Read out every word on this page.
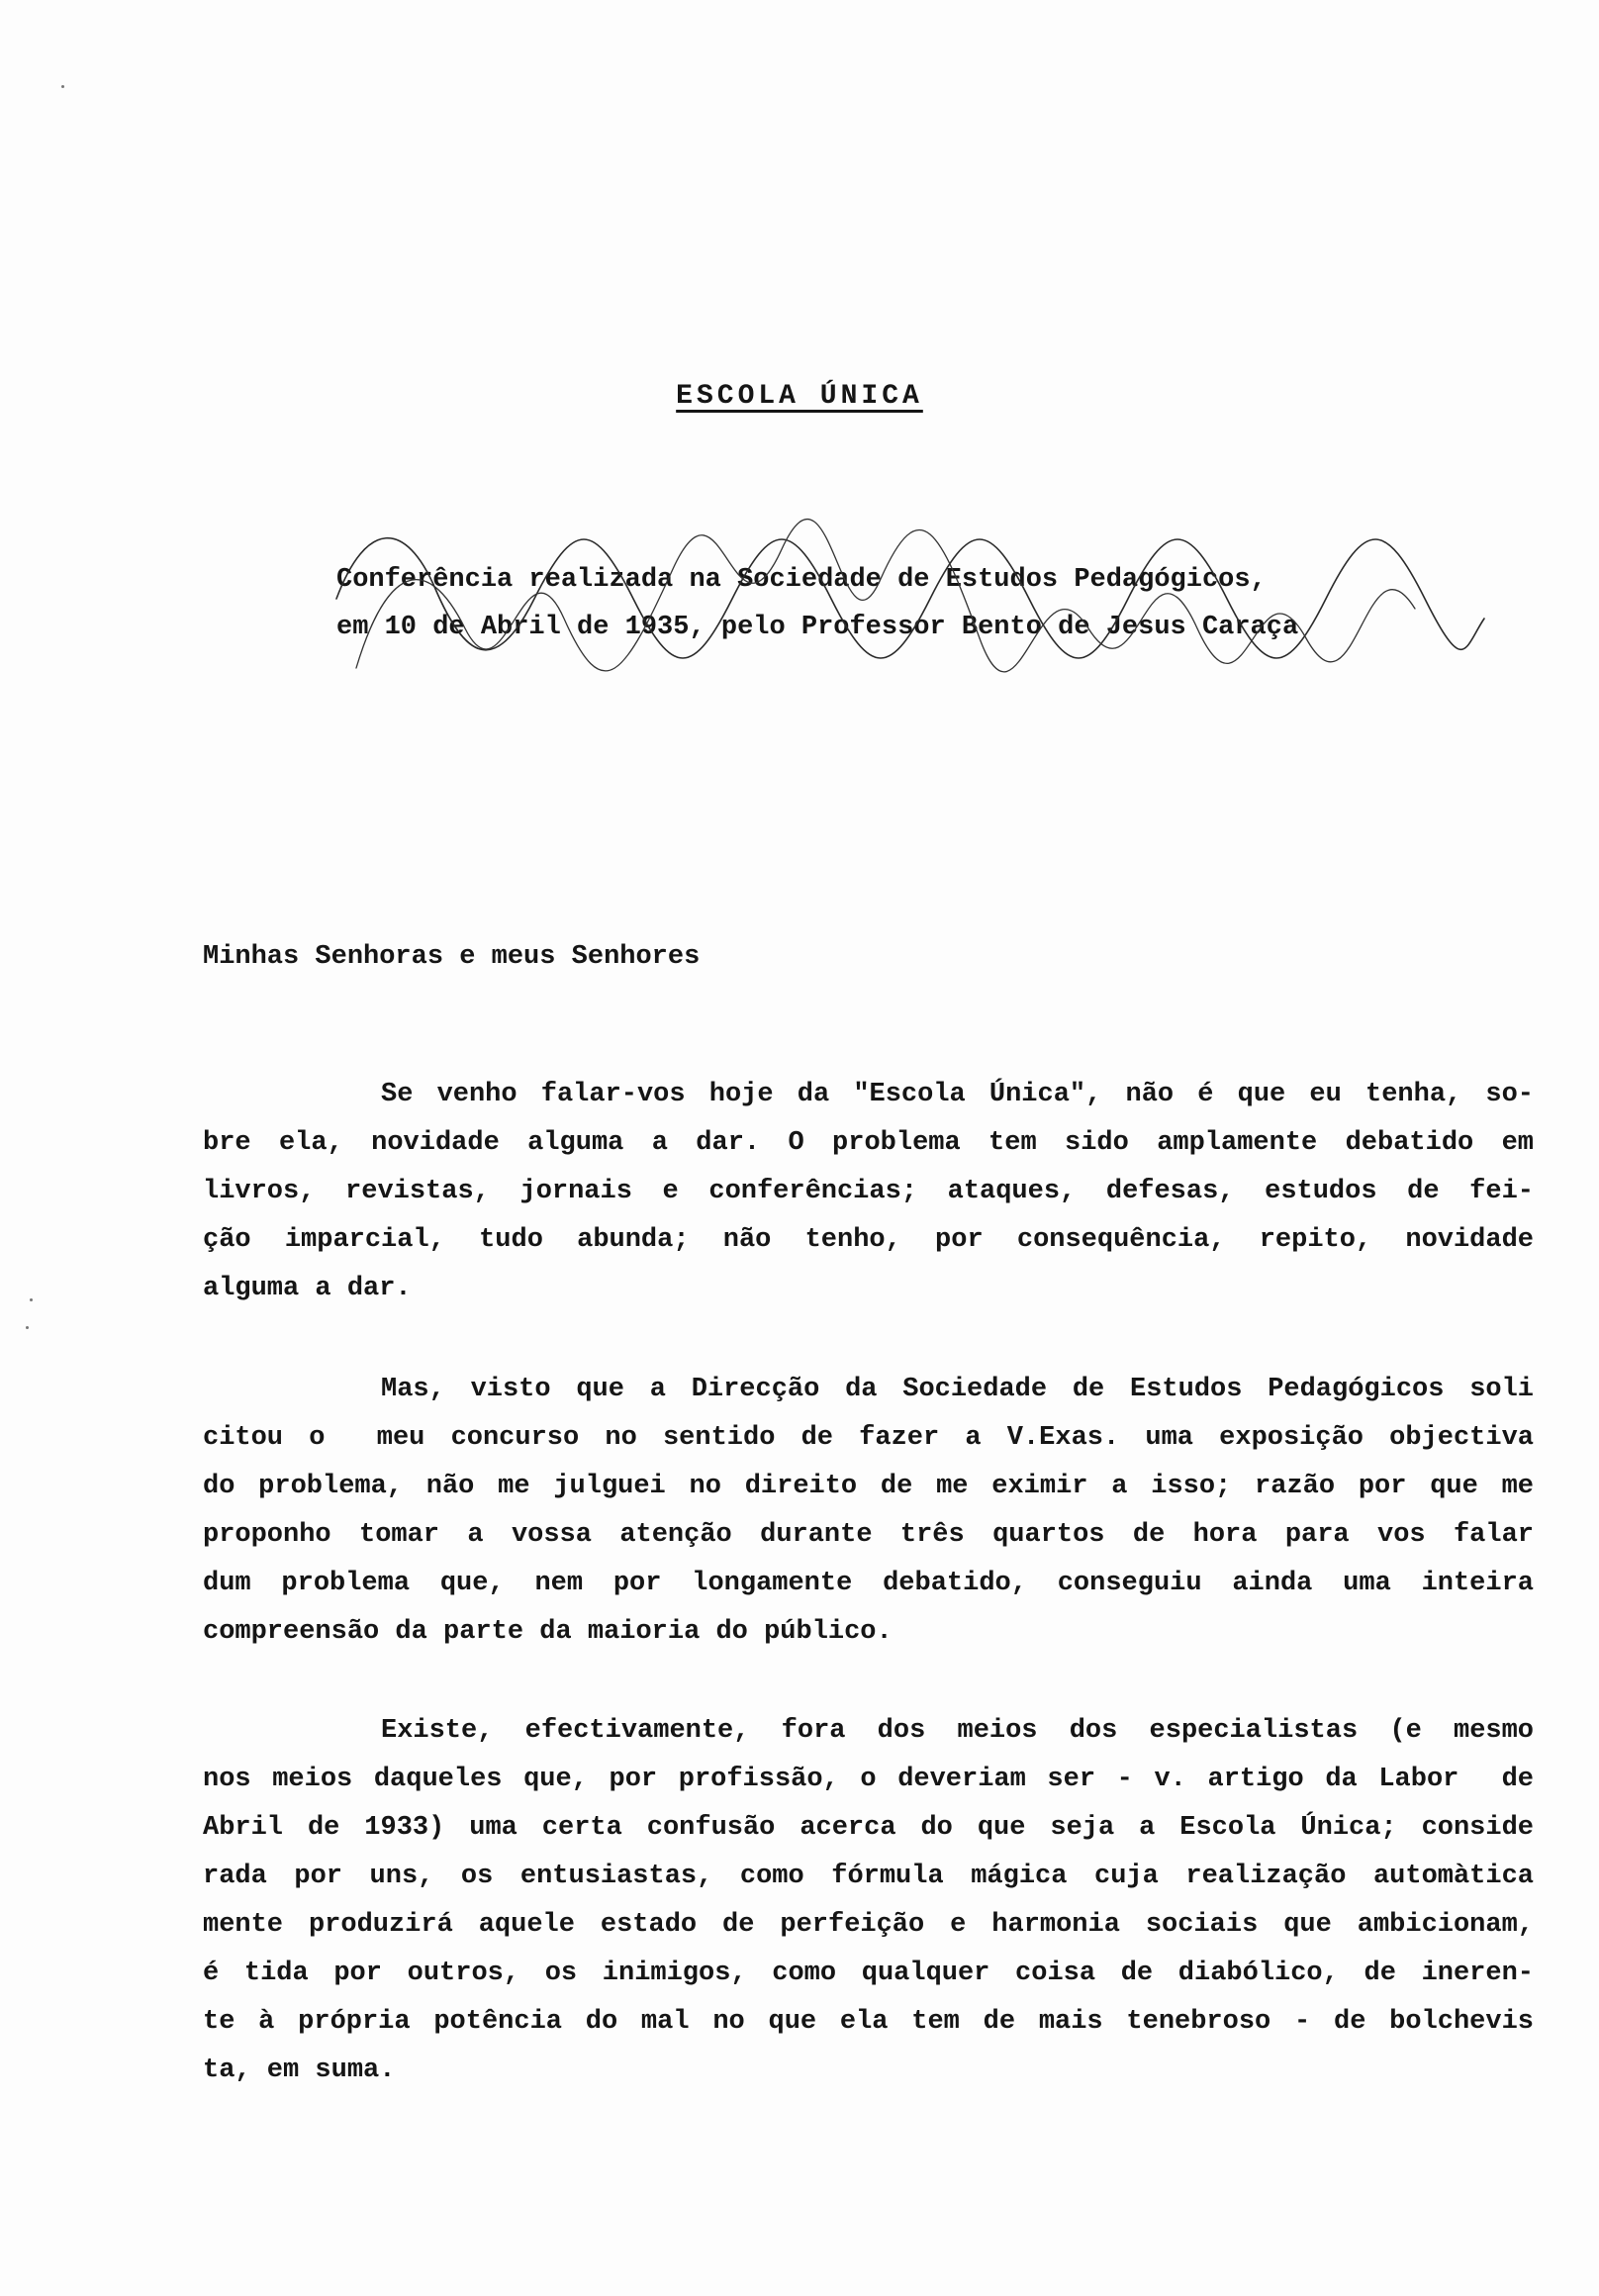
ESCOLA ÚNICA

Conferência realizada na Sociedade de Estudos Pedagógicos,
em 10 de Abril de 1935, pelo Professor Bento de Jesus Caraça

Minhas Senhoras e meus Senhores

Se venho falar-vos hoje da "Escola Única", não é que eu tenha, so-
bre ela, novidade alguma a dar. O problema tem sido amplamente debatido em
livros, revistas, jornais e conferências; ataques, defesas, estudos de fei-
ção imparcial, tudo abunda; não tenho, por consequência, repito, novidade
alguma a dar.
Mas, visto que a Direcção da Sociedade de Estudos Pedagógicos soli
citou o  meu concurso no sentido de fazer a V.Exas. uma exposição objectiva
do problema, não me julguei no direito de me eximir a isso; razão por que me
proponho tomar a vossa atenção durante três quartos de hora para vos falar
dum problema que, nem por longamente debatido, conseguiu ainda uma inteira
compreensão da parte da maioria do público.
Existe, efectivamente, fora dos meios dos especialistas (e mesmo
nos meios daqueles que, por profissão, o deveriam ser - v. artigo da Labor  de
Abril de 1933) uma certa confusão acerca do que seja a Escola Única; conside
rada por uns, os entusiastas, como fórmula mágica cuja realização automàtica
mente produzirá aquele estado de perfeição e harmonia sociais que ambicionam,
é tida por outros, os inimigos, como qualquer coisa de diabólico, de ineren-
te à própria potência do mal no que ela tem de mais tenebroso - de bolchevis
ta, em suma.
